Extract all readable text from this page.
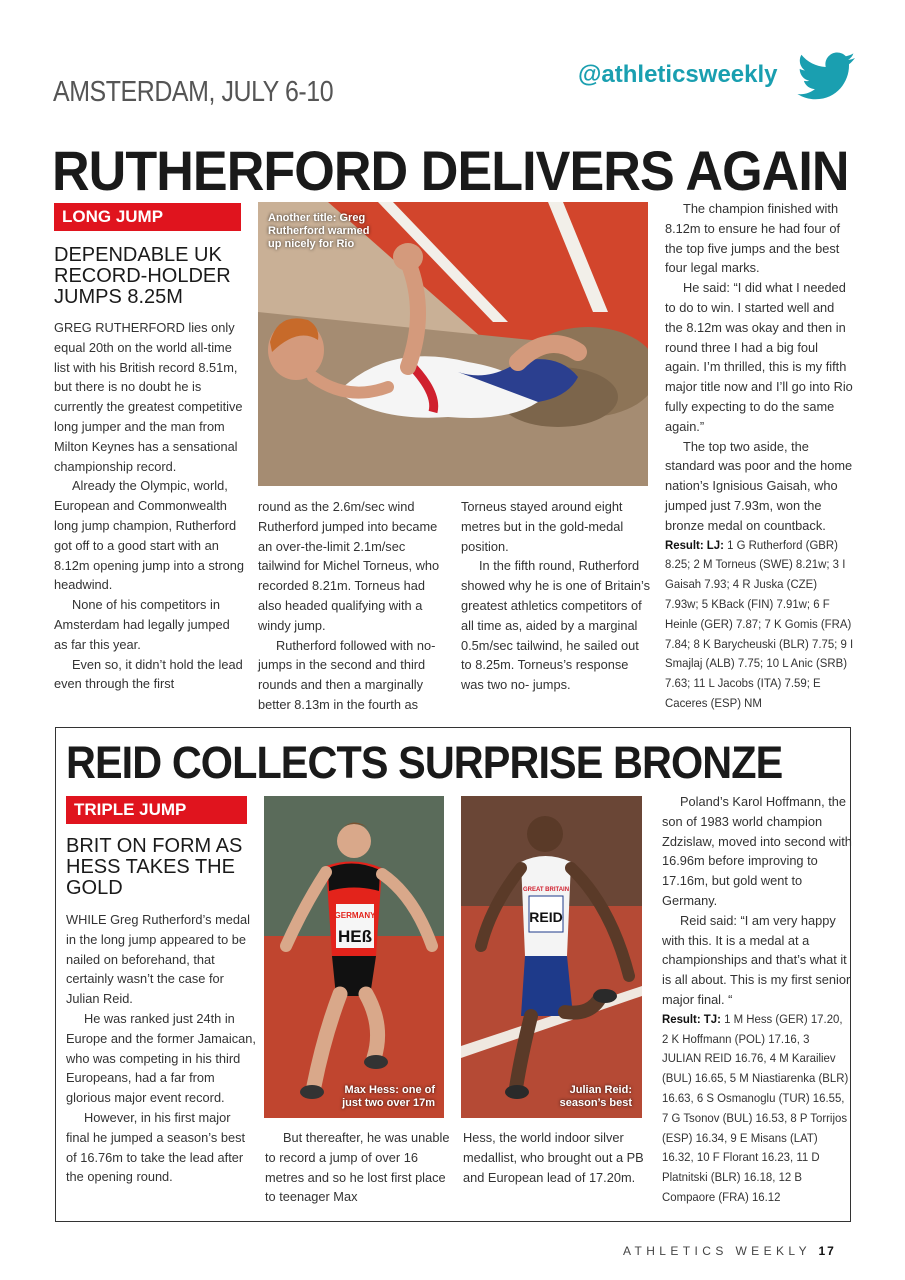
AMSTERDAM, JULY 6-10
@athleticsweekly
RUTHERFORD DELIVERS AGAIN
LONG JUMP
DEPENDABLE UK RECORD-HOLDER JUMPS 8.25M

GREG RUTHERFORD lies only equal 20th on the world all-time list with his British record 8.51m, but there is no doubt he is currently the greatest competitive long jumper and the man from Milton Keynes has a sensational championship record.

Already the Olympic, world, European and Commonwealth long jump champion, Rutherford got off to a good start with an 8.12m opening jump into a strong headwind.

None of his competitors in Amsterdam had legally jumped as far this year.

Even so, it didn’t hold the lead even through the first

Another title: Greg Rutherford warmed up nicely for Rio

round as the 2.6m/sec wind Rutherford jumped into became an over-the-limit 2.1m/sec tailwind for Michel Torneus, who recorded 8.21m. Torneus had also headed qualifying with a windy jump.

Rutherford followed with no-jumps in the second and third rounds and then a marginally better 8.13m in the fourth as

Torneus stayed around eight metres but in the gold-medal position.

In the fifth round, Rutherford showed why he is one of Britain’s greatest athletics competitors of all time as, aided by a marginal 0.5m/sec tailwind, he sailed out to 8.25m. Torneus’s response was two no- jumps.

The champion finished with 8.12m to ensure he had four of the top five jumps and the best four legal marks.

He said: “I did what I needed to do to win. I started well and the 8.12m was okay and then in round three I had a big foul again. I’m thrilled, this is my fifth major title now and I’ll go into Rio fully expecting to do the same again.”

The top two aside, the standard was poor and the home nation’s Ignisious Gaisah, who jumped just 7.93m, won the bronze medal on countback.

Result: LJ: 1 G Rutherford (GBR) 8.25; 2 M Torneus (SWE) 8.21w; 3 I Gaisah 7.93; 4 R Juska (CZE) 7.93w; 5 KBack (FIN) 7.91w; 6 F Heinle (GER) 7.87; 7 K Gomis (FRA) 7.84; 8 K Barycheuski (BLR) 7.75; 9 I Smajlaj (ALB) 7.75; 10 L Anic (SRB) 7.63; 11 L Jacobs (ITA) 7.59; E Caceres (ESP) NM

REID COLLECTS SURPRISE BRONZE
TRIPLE JUMP
BRIT ON FORM AS HESS TAKES THE GOLD

WHILE Greg Rutherford’s medal in the long jump appeared to be nailed on beforehand, that certainly wasn’t the case for Julian Reid.

He was ranked just 24th in Europe and the former Jamaican, who was competing in his third Europeans, had a far from glorious major event record.

However, in his first major final he jumped a season’s best of 16.76m to take the lead after the opening round.

GERMANY
HEß
Max Hess: one of just two over 17m
GREAT BRITAIN
REID
Julian Reid: season’s best

But thereafter, he was unable to record a jump of over 16 metres and so he lost first place to teenager Max

Hess, the world indoor silver medallist, who brought out a PB and European lead of 17.20m.

Poland’s Karol Hoffmann, the son of 1983 world champion Zdzislaw, moved into second with 16.96m before improving to 17.16m, but gold went to Germany.

Reid said: “I am very happy with this. It is a medal at a championships and that’s what it is all about. This is my first senior major final. “

Result: TJ: 1 M Hess (GER) 17.20, 2 K Hoffmann (POL) 17.16, 3 JULIAN REID 16.76, 4 M Karailiev (BUL) 16.65, 5 M Niastiarenka (BLR) 16.63, 6 S Osmanoglu (TUR) 16.55, 7 G Tsonov (BUL) 16.53, 8 P Torrijos (ESP) 16.34, 9 E Misans (LAT) 16.32, 10 F Florant 16.23, 11 D Platnitski (BLR) 16.18, 12 B Compaore (FRA) 16.12

ATHLETICS WEEKLY 17
